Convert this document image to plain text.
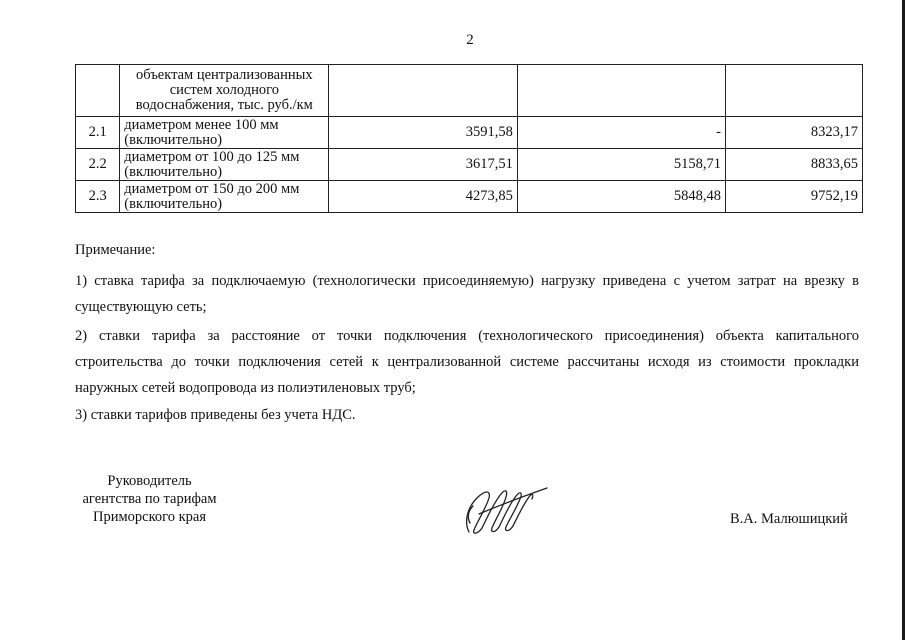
2
	объектам централизованных систем холодного водоснабжения, тыс. руб./км			
2.1	диаметром менее 100 мм (включительно)	3591,58	-	8323,17
2.2	диаметром от 100 до 125 мм (включительно)	3617,51	5158,71	8833,65
2.3	диаметром от 150 до 200 мм (включительно)	4273,85	5848,48	9752,19

Примечание:

1) ставка тарифа за подключаемую (технологически присоединяемую) нагрузку приведена с учетом затрат на врезку в существующую сеть;

2) ставки тарифа за расстояние от точки подключения (технологического присоединения) объекта капитального строительства до точки подключения сетей к централизованной системе рассчитаны исходя из стоимости прокладки наружных сетей водопровода из полиэтиленовых труб;

3) ставки тарифов приведены без учета НДС.

Руководитель
агентства по тарифам
Приморского края	В.А. Малюшицкий
